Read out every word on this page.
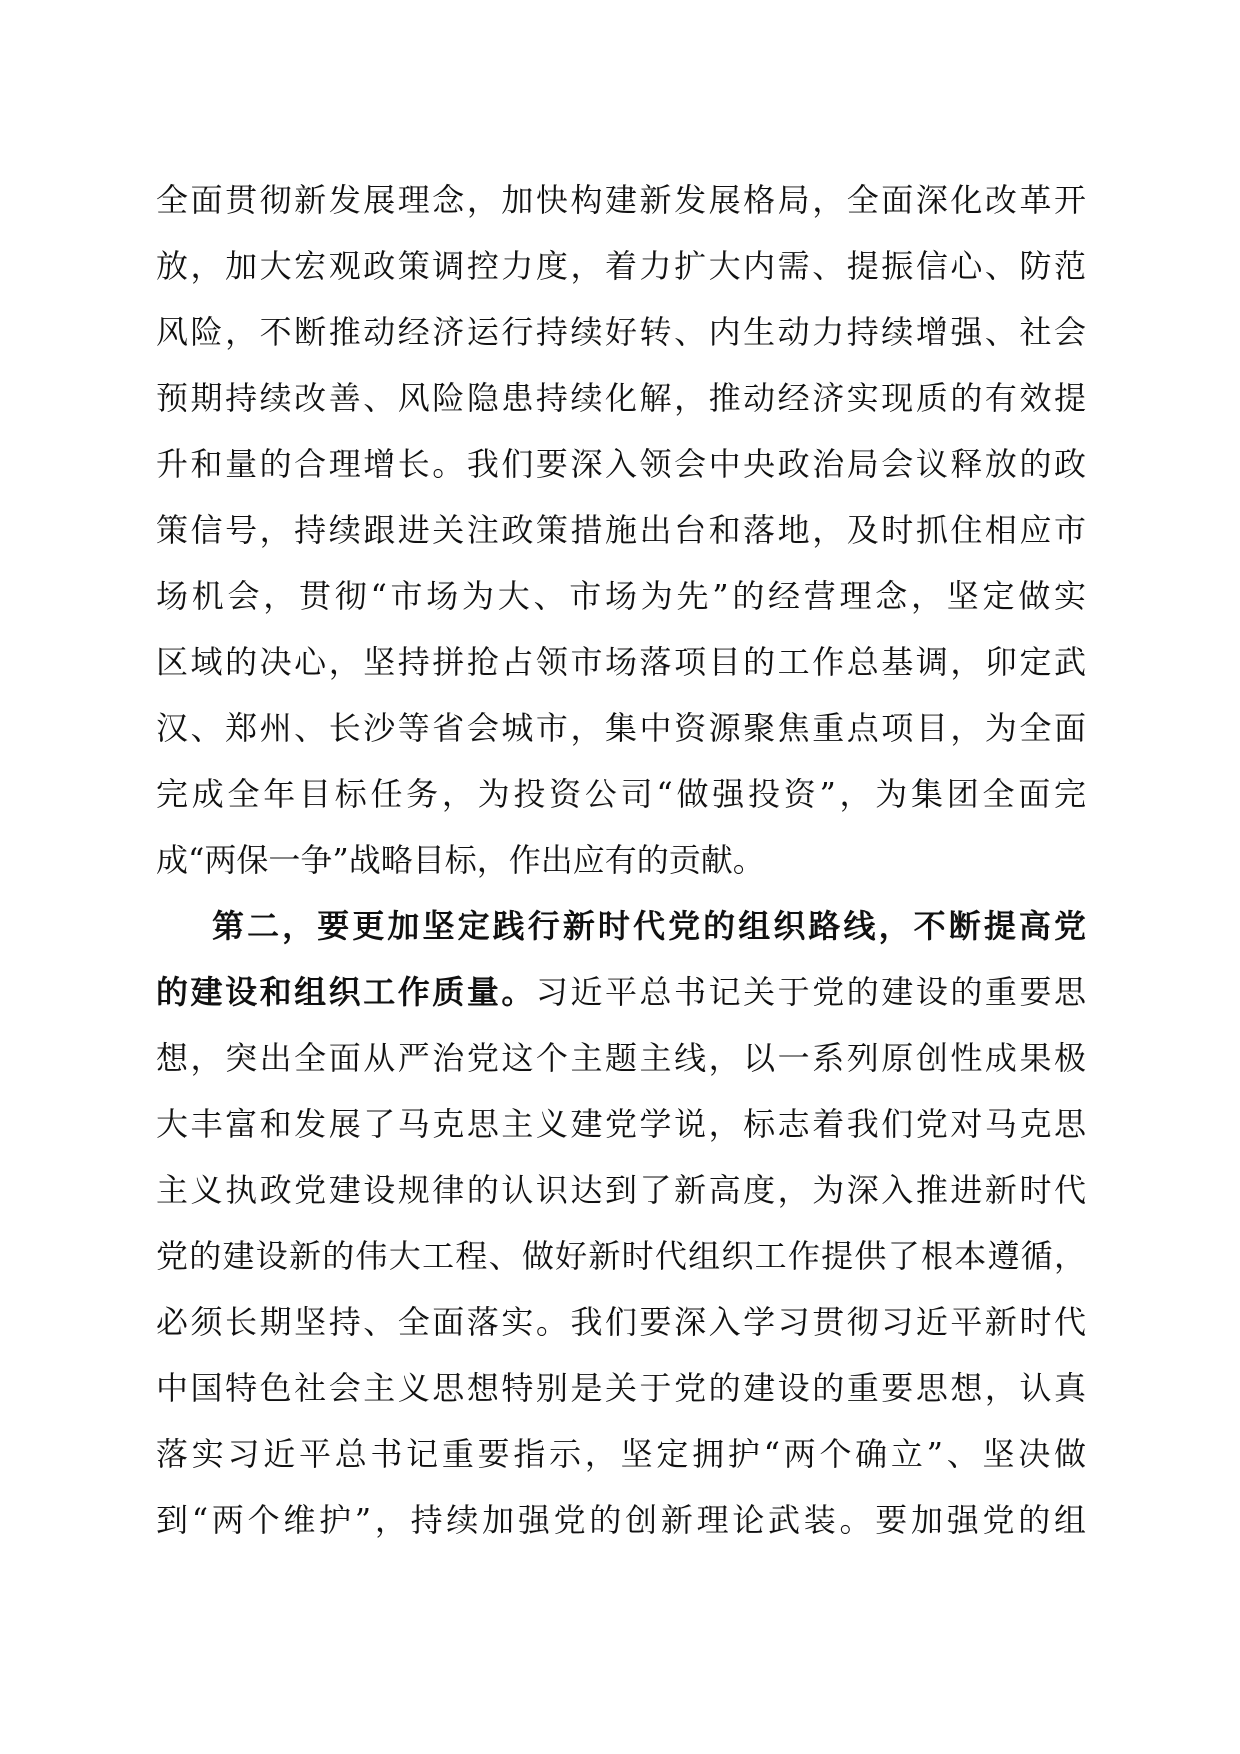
全面贯彻新发展理念，加快构建新发展格局，全面深化改革开
放，加大宏观政策调控力度，着力扩大内需、提振信心、防范
风险，不断推动经济运行持续好转、内生动力持续增强、社会
预期持续改善、风险隐患持续化解，推动经济实现质的有效提
升和量的合理增长。我们要深入领会中央政治局会议释放的政
策信号，持续跟进关注政策措施出台和落地，及时抓住相应市
场机会，贯彻“市场为大、市场为先”的经营理念，坚定做实
区域的决心，坚持拼抢占领市场落项目的工作总基调，卯定武
汉、郑州、长沙等省会城市，集中资源聚焦重点项目，为全面
完成全年目标任务，为投资公司“做强投资”，为集团全面完
成“两保一争”战略目标，作出应有的贡献。
第二，要更加坚定践行新时代党的组织路线，不断提高党
的建设和组织工作质量。习近平总书记关于党的建设的重要思
想，突出全面从严治党这个主题主线，以一系列原创性成果极
大丰富和发展了马克思主义建党学说，标志着我们党对马克思
主义执政党建设规律的认识达到了新高度，为深入推进新时代
党的建设新的伟大工程、做好新时代组织工作提供了根本遵循，
必须长期坚持、全面落实。我们要深入学习贯彻习近平新时代
中国特色社会主义思想特别是关于党的建设的重要思想，认真
落实习近平总书记重要指示，坚定拥护“两个确立”、坚决做
到“两个维护”，持续加强党的创新理论武装。要加强党的组
